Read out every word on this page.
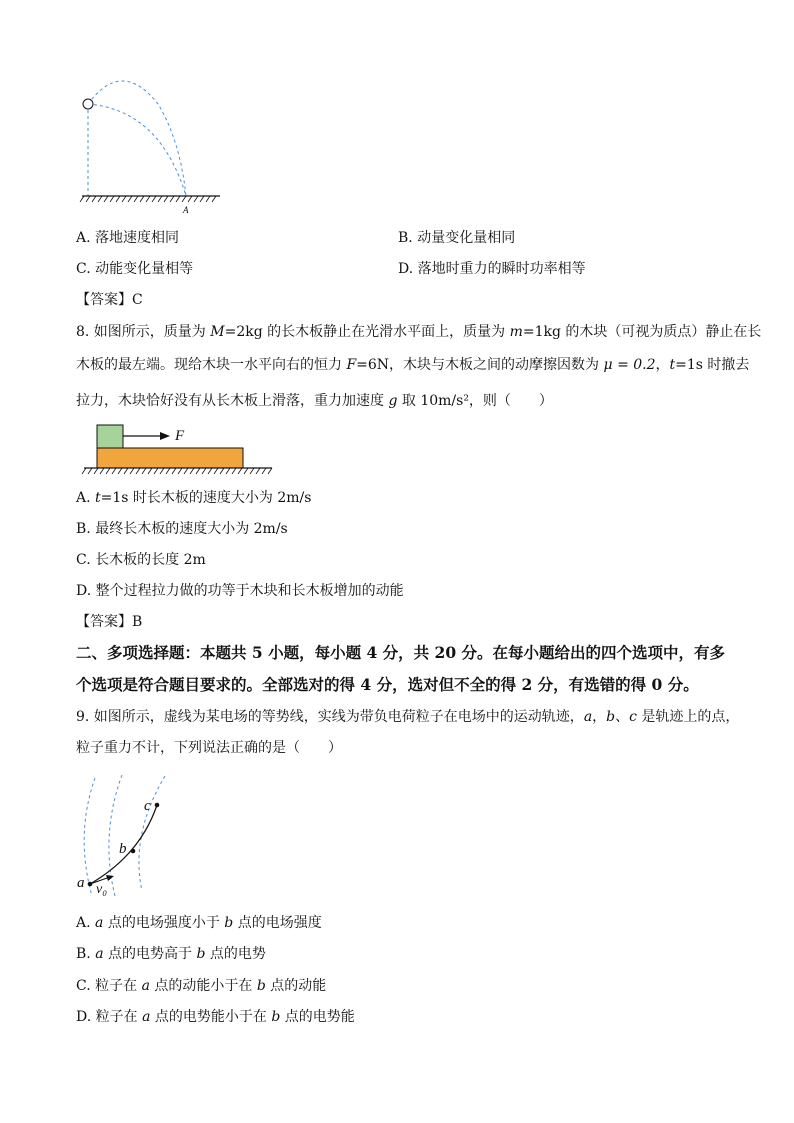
A
A. 落地速度相同	B. 动量变化量相同
C. 动能变化量相等	D. 落地时重力的瞬时功率相等
【答案】C
8. 如图所示，质量为 M=2kg 的长木板静止在光滑水平面上，质量为 m=1kg 的木块（可视为质点）静止在长
木板的最左端。现给木块一水平向右的恒力 F=6N，木块与木板之间的动摩擦因数为 μ = 0.2，t=1s 时撤去
拉力，木块恰好没有从长木板上滑落，重力加速度 g 取 10m/s²，则（　　）
F
A. t=1s 时长木板的速度大小为 2m/s
B. 最终长木板的速度大小为 2m/s
C. 长木板的长度 2m
D. 整个过程拉力做的功等于木块和长木板增加的动能
【答案】B
二、多项选择题：本题共 5 小题，每小题 4 分，共 20 分。在每小题给出的四个选项中，有多
个选项是符合题目要求的。全部选对的得 4 分，选对但不全的得 2 分，有选错的得 0 分。
9. 如图所示，虚线为某电场的等势线，实线为带负电荷粒子在电场中的运动轨迹，a，b、c 是轨迹上的点，
粒子重力不计，下列说法正确的是（　　）
a
b
c
v₀
A. a 点的电场强度小于 b 点的电场强度
B. a 点的电势高于 b 点的电势
C. 粒子在 a 点的动能小于在 b 点的动能
D. 粒子在 a 点的电势能小于在 b 点的电势能
